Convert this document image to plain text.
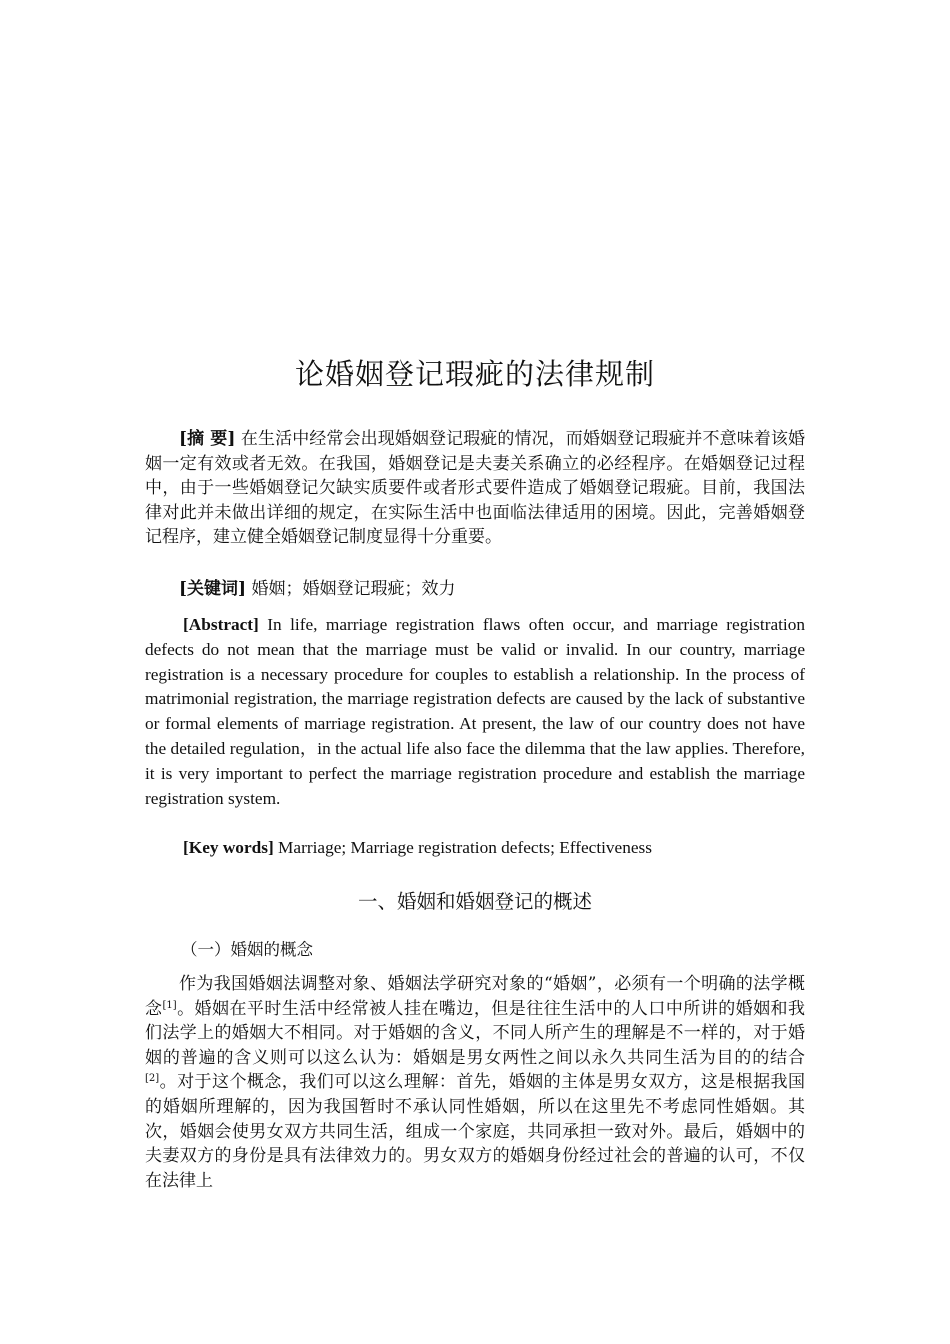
论婚姻登记瑕疵的法律规制

[摘 要] 在生活中经常会出现婚姻登记瑕疵的情况，而婚姻登记瑕疵并不意味着该婚姻一定有效或者无效。在我国，婚姻登记是夫妻关系确立的必经程序。在婚姻登记过程中，由于一些婚姻登记欠缺实质要件或者形式要件造成了婚姻登记瑕疵。目前，我国法律对此并未做出详细的规定，在实际生活中也面临法律适用的困境。因此，完善婚姻登记程序，建立健全婚姻登记制度显得十分重要。

[关键词] 婚姻；婚姻登记瑕疵；效力

[Abstract] In life, marriage registration flaws often occur, and marriage registration defects do not mean that the marriage must be valid or invalid. In our country, marriage registration is a necessary procedure for couples to establish a relationship. In the process of matrimonial registration, the marriage registration defects are caused by the lack of substantive or formal elements of marriage registration. At present, the law of our country does not have the detailed regulation，in the actual life also face the dilemma that the law applies. Therefore, it is very important to perfect the marriage registration procedure and establish the marriage registration system.

[Key words] Marriage; Marriage registration defects; Effectiveness

一、婚姻和婚姻登记的概述
（一）婚姻的概念

作为我国婚姻法调整对象、婚姻法学研究对象的“婚姻”，必须有一个明确的法学概念[1]。婚姻在平时生活中经常被人挂在嘴边，但是往往生活中的人口中所讲的婚姻和我们法学上的婚姻大不相同。对于婚姻的含义，不同人所产生的理解是不一样的，对于婚姻的普遍的含义则可以这么认为：婚姻是男女两性之间以永久共同生活为目的的结合[2]。对于这个概念，我们可以这么理解：首先，婚姻的主体是男女双方，这是根据我国的婚姻所理解的，因为我国暂时不承认同性婚姻，所以在这里先不考虑同性婚姻。其次，婚姻会使男女双方共同生活，组成一个家庭，共同承担一致对外。最后，婚姻中的夫妻双方的身份是具有法律效力的。男女双方的婚姻身份经过社会的普遍的认可，不仅在法律上
